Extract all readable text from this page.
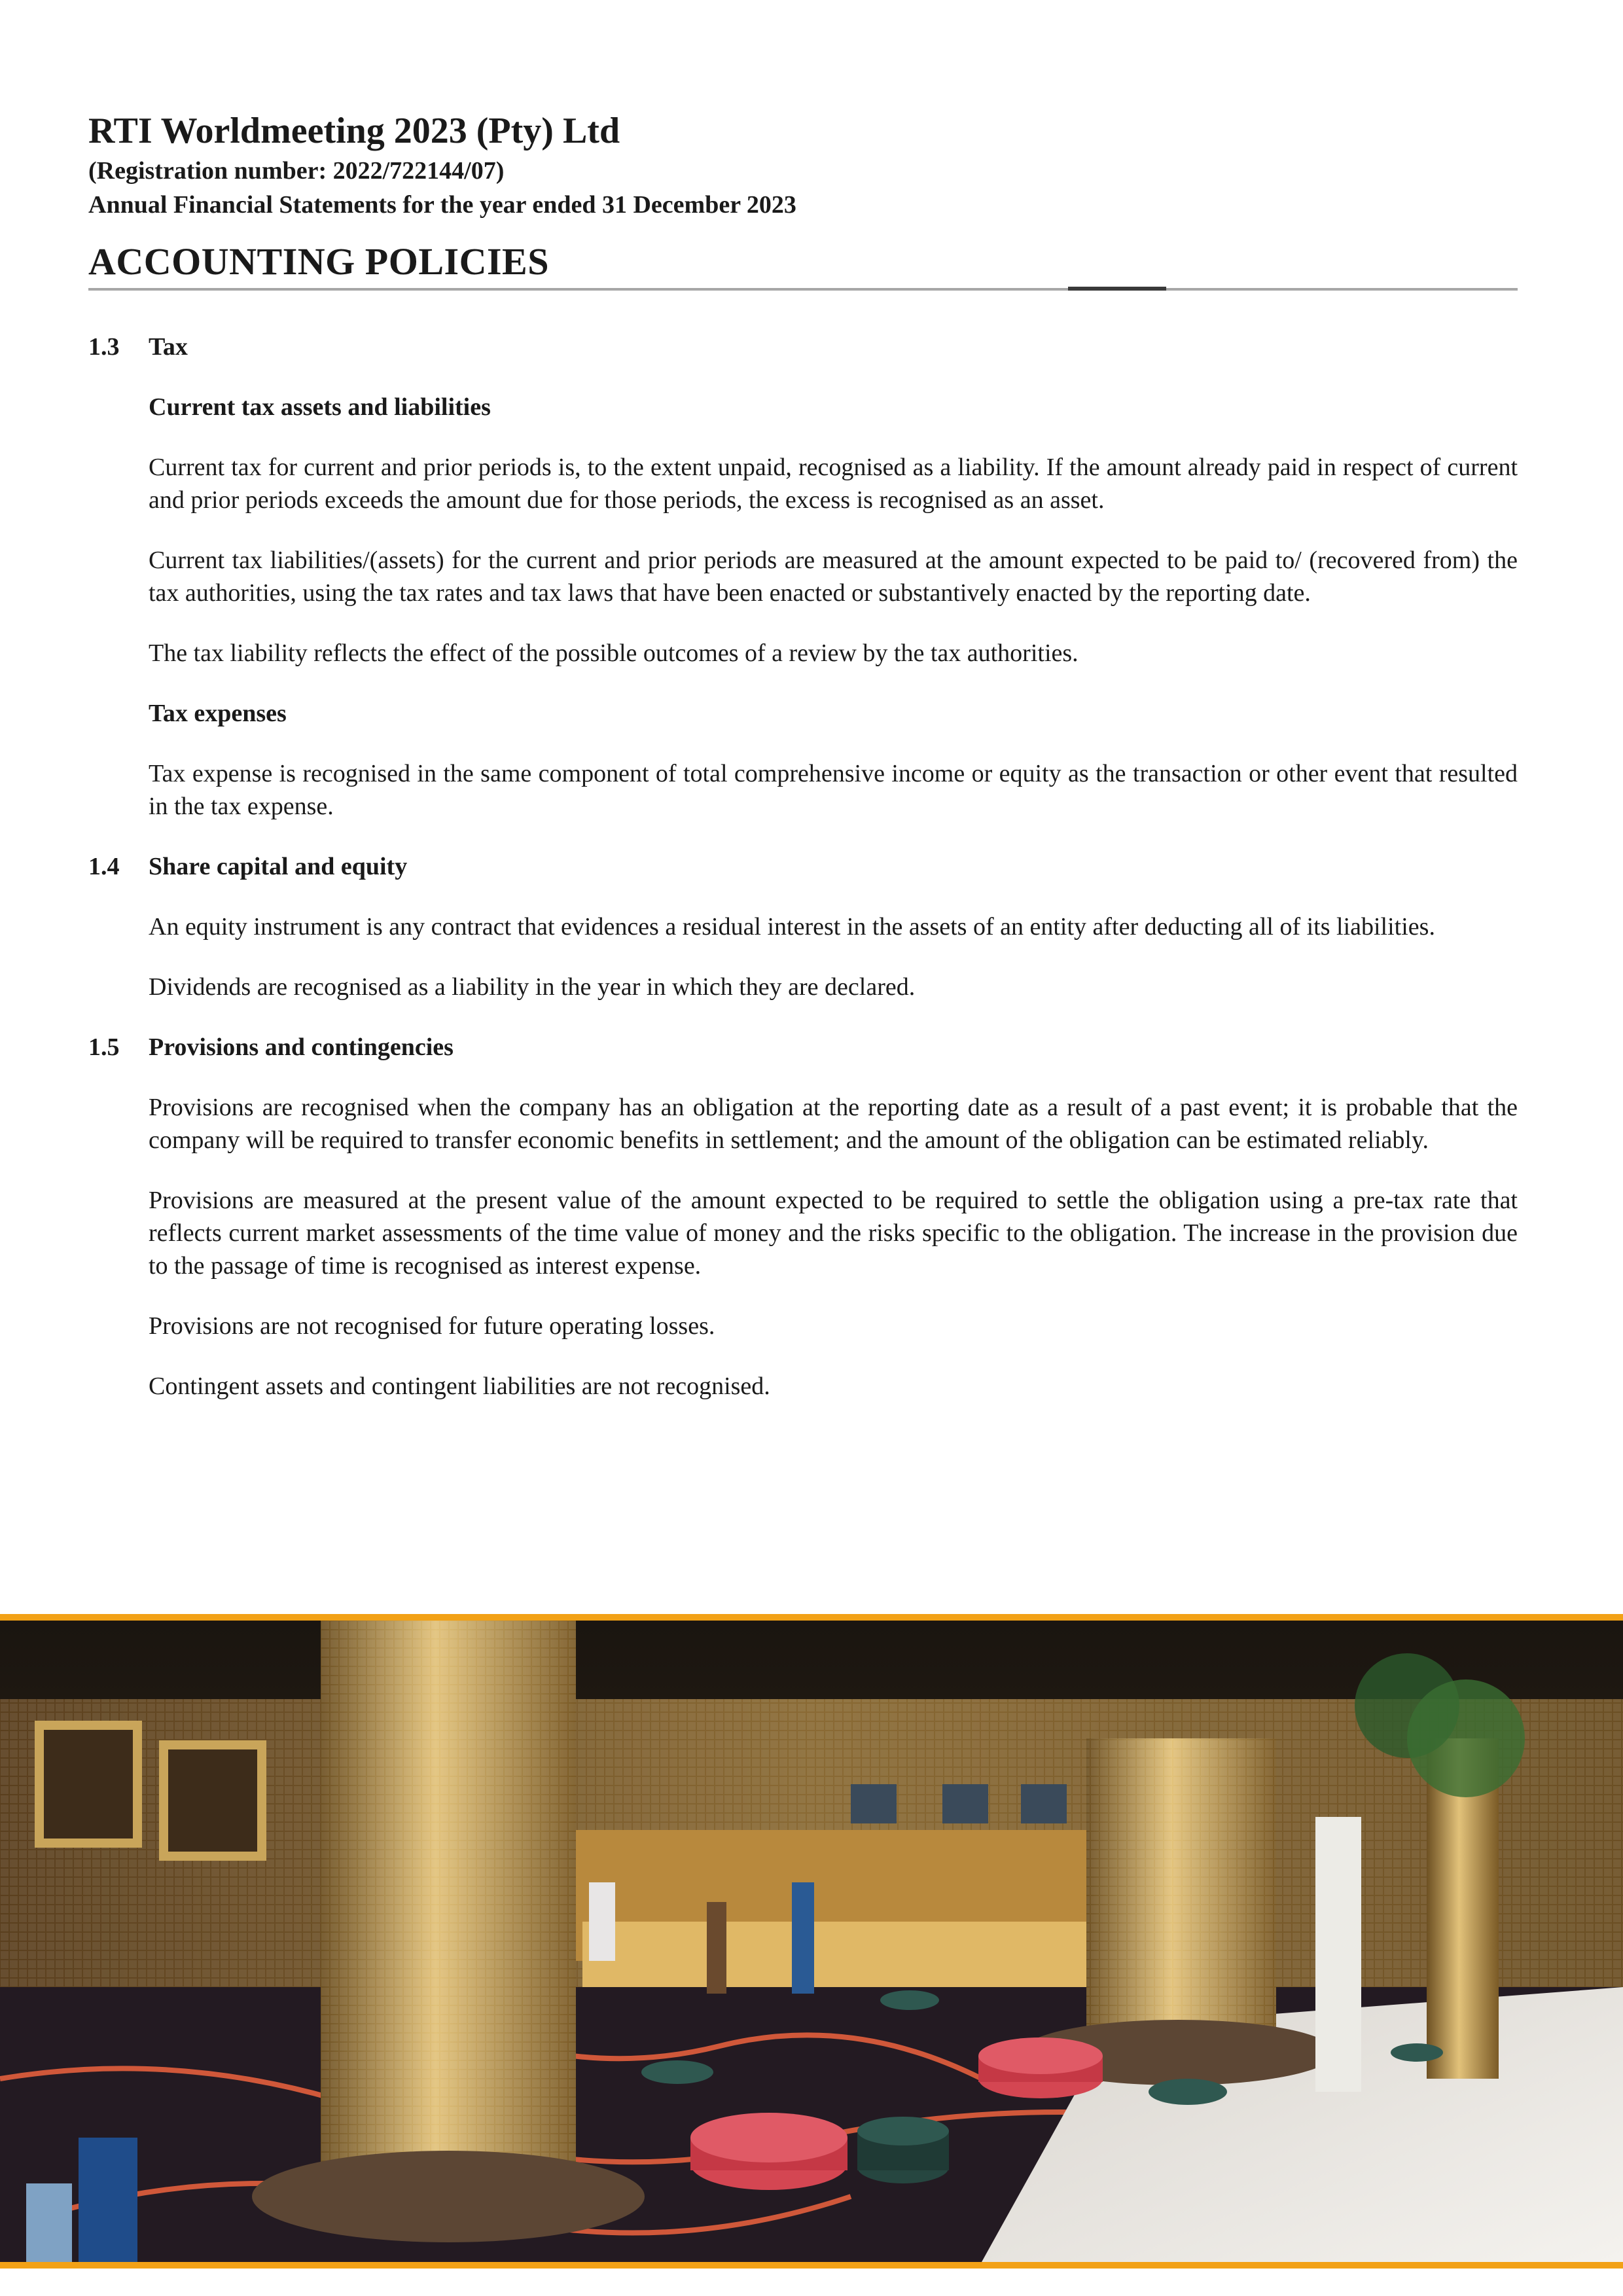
RTI Worldmeeting 2023 (Pty) Ltd
(Registration number: 2022/722144/07)
Annual Financial Statements for the year ended 31 December 2023
ACCOUNTING POLICIES
1.3	Tax
Current tax assets and liabilities

Current tax for current and prior periods is, to the extent unpaid, recognised as a liability. If the amount already paid in respect of current and prior periods exceeds the amount due for those periods, the excess is recognised as an asset.

Current tax liabilities/(assets) for the current and prior periods are measured at the amount expected to be paid to/ (recovered from) the tax authorities, using the tax rates and tax laws that have been enacted or substantively enacted by the reporting date.

The tax liability reflects the effect of the possible outcomes of a review by the tax authorities.

Tax expenses

Tax expense is recognised in the same component of total comprehensive income or equity as the transaction or other event that resulted in the tax expense.

1.4	Share capital and equity

An equity instrument is any contract that evidences a residual interest in the assets of an entity after deducting all of its liabilities.

Dividends are recognised as a liability in the year in which they are declared.

1.5	Provisions and contingencies

Provisions are recognised when the company has an obligation at the reporting date as a result of a past event; it is probable that the company will be required to transfer economic benefits in settlement; and the amount of the obligation can be estimated reliably.

Provisions are measured at the present value of the amount expected to be required to settle the obligation using a pre-tax rate that reflects current market assessments of the time value of money and the risks specific to the obligation. The increase in the provision due to the passage of time is recognised as interest expense.

Provisions are not recognised for future operating losses.

Contingent assets and contingent liabilities are not recognised.
